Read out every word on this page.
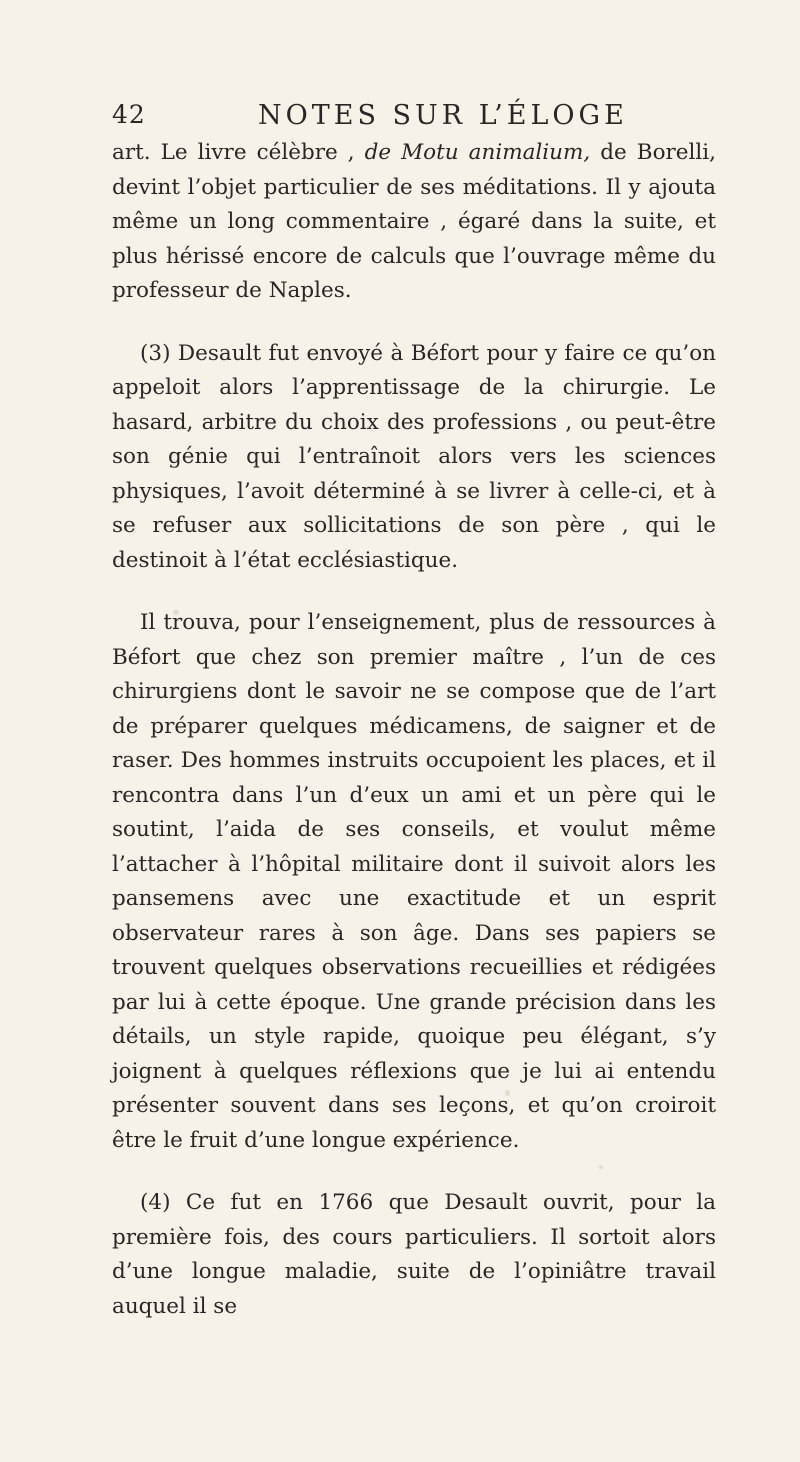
42	NOTES SUR L’ÉLOGE

art. Le livre célèbre , de Motu animalium, de Borelli, devint l’objet particulier de ses méditations. Il y ajouta même un long commentaire , égaré dans la suite, et plus hérissé encore de calculs que l’ouvrage même du professeur de Naples.

(3) Desault fut envoyé à Béfort pour y faire ce qu’on appeloit alors l’apprentissage de la chirurgie. Le hasard, arbitre du choix des professions , ou peut-être son génie qui l’entraînoit alors vers les sciences physiques, l’avoit déterminé à se livrer à celle-ci, et à se refuser aux sollicitations de son père , qui le destinoit à l’état ecclésiastique.

Il trouva, pour l’enseignement, plus de ressources à Béfort que chez son premier maître , l’un de ces chirurgiens dont le savoir ne se compose que de l’art de préparer quelques médicamens, de saigner et de raser. Des hommes instruits occupoient les places, et il rencontra dans l’un d’eux un ami et un père qui le soutint, l’aida de ses conseils, et voulut même l’attacher à l’hôpital militaire dont il suivoit alors les pansemens avec une exactitude et un esprit observateur rares à son âge. Dans ses papiers se trouvent quelques observations recueillies et rédigées par lui à cette époque. Une grande précision dans les détails, un style rapide, quoique peu élégant, s’y joignent à quelques réflexions que je lui ai entendu présenter souvent dans ses leçons, et qu’on croiroit être le fruit d’une longue expérience.

(4) Ce fut en 1766 que Desault ouvrit, pour la première fois, des cours particuliers. Il sortoit alors d’une longue maladie, suite de l’opiniâtre travail auquel il se
